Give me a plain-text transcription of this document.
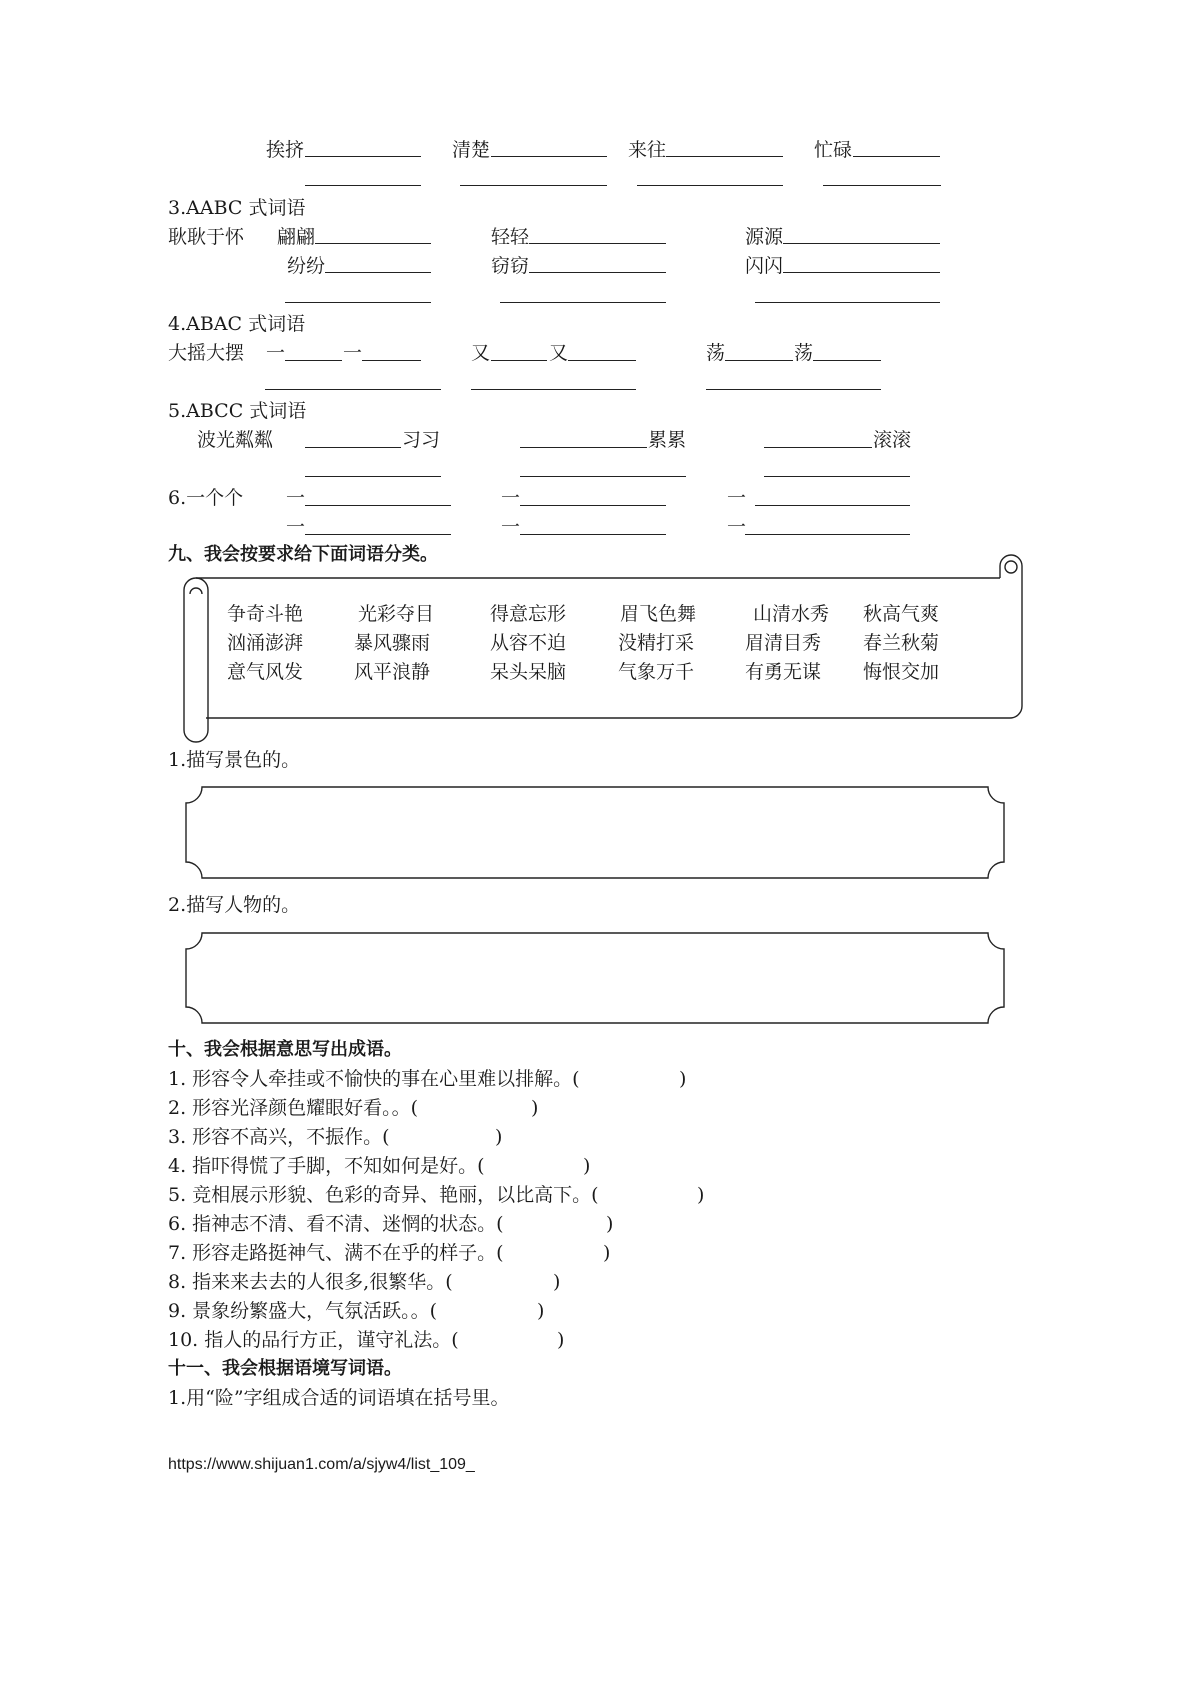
挨挤	清楚	来往	忙碌
3.AABC 式词语
耿耿于怀 翩翩	轻轻	源源
纷纷	窃窃	闪闪
4.ABAC 式词语
大摇大摆 一	一	又	又	荡	荡
5.ABCC 式词语
波光粼粼	习习	累累	滚滚
6.一个个 一	一	一
一	一	一
九、我会按要求给下面词语分类。
争奇斗艳	光彩夺目	得意忘形	眉飞色舞	山清水秀 秋高气爽
汹涌澎湃	暴风骤雨	从容不迫	没精打采	眉清目秀 春兰秋菊
意气风发	风平浪静	呆头呆脑	气象万千	有勇无谋 悔恨交加
1.描写景色的。
2.描写人物的。
十、我会根据意思写出成语。
1. 形容令人牵挂或不愉快的事在心里难以排解。(	)
2. 形容光泽颜色耀眼好看。。(	)
3. 形容不高兴，不振作。(	)
4. 指吓得慌了手脚，不知如何是好。(	)
5. 竞相展示形貌、色彩的奇异、艳丽，以比高下。(	)
6. 指神志不清、看不清、迷惘的状态。(	)
7. 形容走路挺神气、满不在乎的样子。(	)
8. 指来来去去的人很多,很繁华。(	)
9. 景象纷繁盛大，气氛活跃。。(	)
10. 指人的品行方正，谨守礼法。(	)
十一、我会根据语境写词语。
1.用“险”字组成合适的词语填在括号里。
https://www.shijuan1.com/a/sjyw4/list_109_
